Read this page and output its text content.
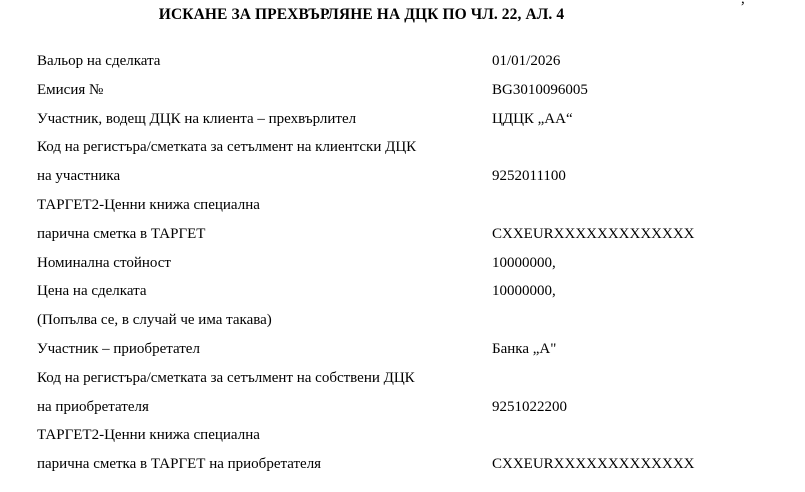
ИСКАНЕ ЗА ПРЕХВЪРЛЯНЕ НА ДЦК ПО ЧЛ. 22, АЛ. 4
Вальор на сделката	01/01/2026
Емисия №	BG3010096005
Участник, водещ ДЦК на клиента – прехвърлител	ЦДЦК „АА“
Код на регистъра/сметката за сетълмент на клиентски ДЦК
на участника	9252011100
ТАРГЕТ2-Ценни книжа специална
парична сметка в ТАРГЕТ	CXXEURXXXXXXXXXXXXX
Номинална стойност	10000000,
Цена на сделката	10000000,
(Попълва се, в случай че има такава)
Участник – приобретател	Банка „А"
Код на регистъра/сметката за сетълмент на собствени ДЦК
на приобретателя	9251022200
ТАРГЕТ2-Ценни книжа специална
парична сметка в ТАРГЕТ на приобретателя	CXXEURXXXXXXXXXXXXX
